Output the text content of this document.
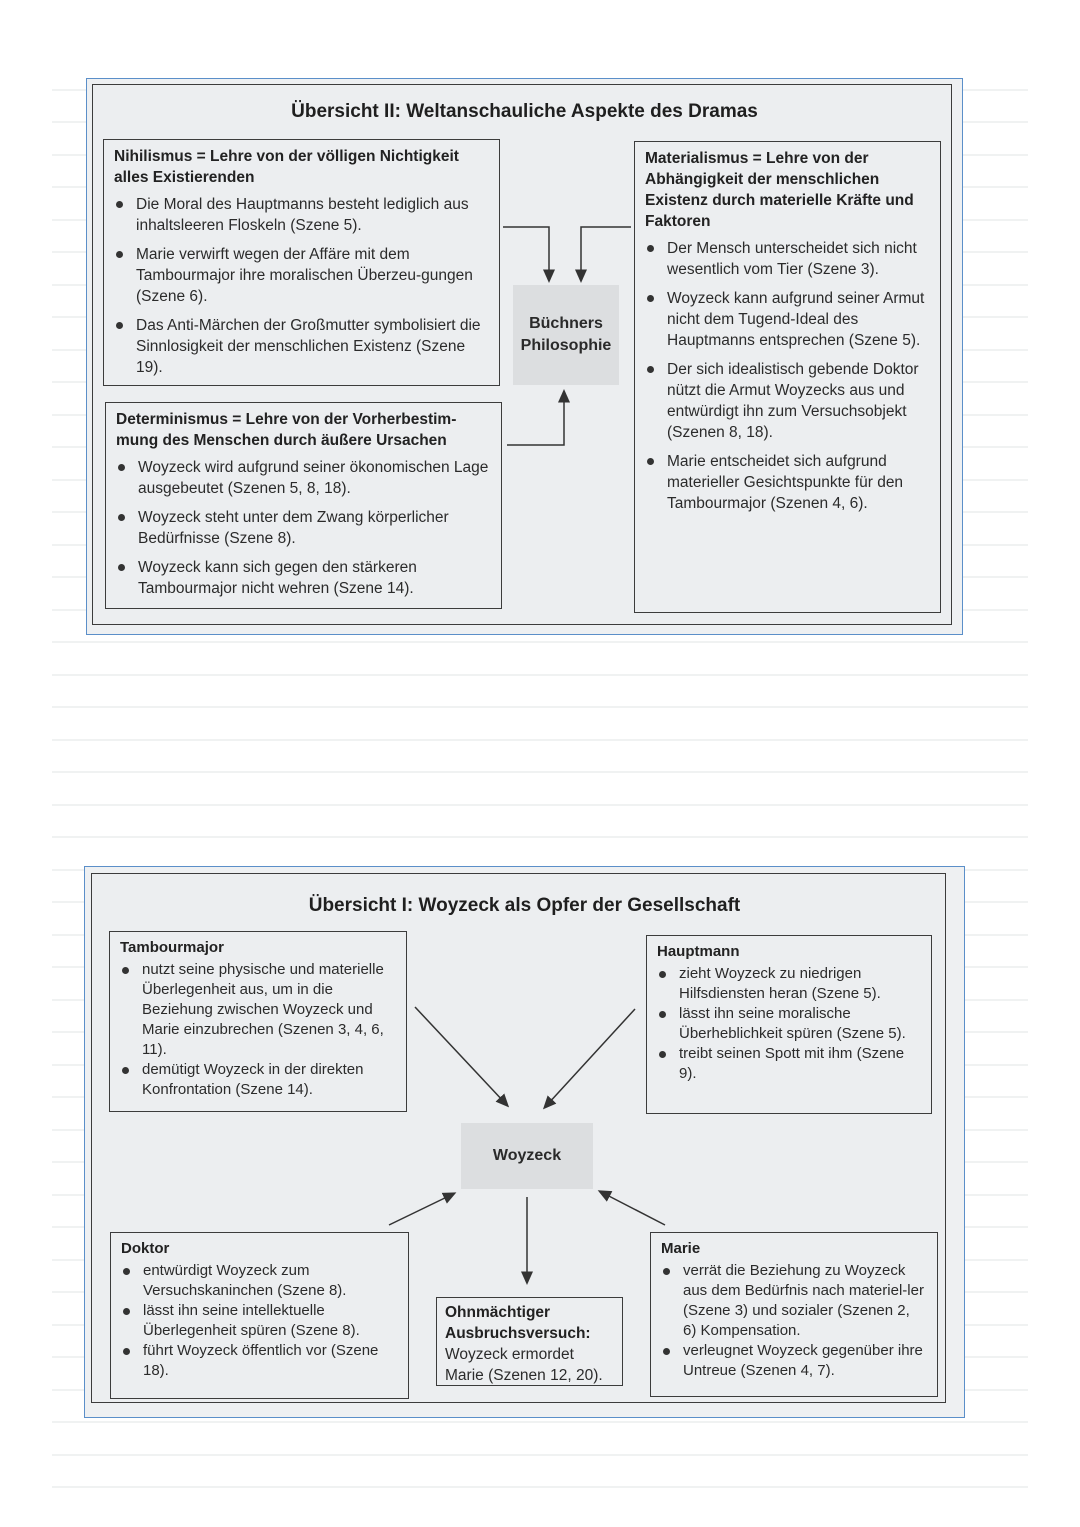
Übersicht II: Weltanschauliche Aspekte des Dramas
Nihilismus = Lehre von der völligen Nichtigkeit alles Existierenden
Die Moral des Hauptmanns besteht lediglich aus inhaltsleeren Floskeln (Szene 5).
Marie verwirft wegen der Affäre mit dem Tambourmajor ihre moralischen Überzeu-gungen (Szene 6).
Das Anti-Märchen der Großmutter symbolisiert die Sinnlosigkeit der menschlichen Existenz (Szene 19).
Determinismus = Lehre von der Vorherbestim-mung des Menschen durch äußere Ursachen
Woyzeck wird aufgrund seiner ökonomischen Lage ausgebeutet (Szenen 5, 8, 18).
Woyzeck steht unter dem Zwang körperlicher Bedürfnisse (Szene 8).
Woyzeck kann sich gegen den stärkeren Tambourmajor nicht wehren (Szene 14).
Materialismus = Lehre von der Abhängigkeit der menschlichen Existenz durch materielle Kräfte und Faktoren
Der Mensch unterscheidet sich nicht wesentlich vom Tier (Szene 3).
Woyzeck kann aufgrund seiner Armut nicht dem Tugend-Ideal des Hauptmanns entsprechen (Szene 5).
Der sich idealistisch gebende Doktor nützt die Armut Woyzecks aus und entwürdigt ihn zum Versuchsobjekt (Szenen 8, 18).
Marie entscheidet sich aufgrund materieller Gesichtspunkte für den Tambourmajor (Szenen 4, 6).
Büchners
Philosophie
Übersicht I: Woyzeck als Opfer der Gesellschaft
Tambourmajor
nutzt seine physische und materielle Überlegenheit aus, um in die Beziehung zwischen Woyzeck und Marie einzubrechen (Szenen 3, 4, 6, 11).
demütigt Woyzeck in der direkten Konfrontation (Szene 14).
Hauptmann
zieht Woyzeck zu niedrigen Hilfsdiensten heran (Szene 5).
lässt ihn seine moralische Überheblichkeit spüren (Szene 5).
treibt seinen Spott mit ihm (Szene 9).
Doktor
entwürdigt Woyzeck zum Versuchskaninchen (Szene 8).
lässt ihn seine intellektuelle Überlegenheit spüren (Szene 8).
führt Woyzeck öffentlich vor (Szene 18).
Marie
verrät die Beziehung zu Woyzeck aus dem Bedürfnis nach materiel-ler (Szene 3) und sozialer (Szenen 2, 6) Kompensation.
verleugnet Woyzeck gegenüber ihre Untreue (Szenen 4, 7).
Ohnmächtiger Ausbruchsversuch:
Woyzeck ermordet Marie (Szenen 12, 20).
Woyzeck
